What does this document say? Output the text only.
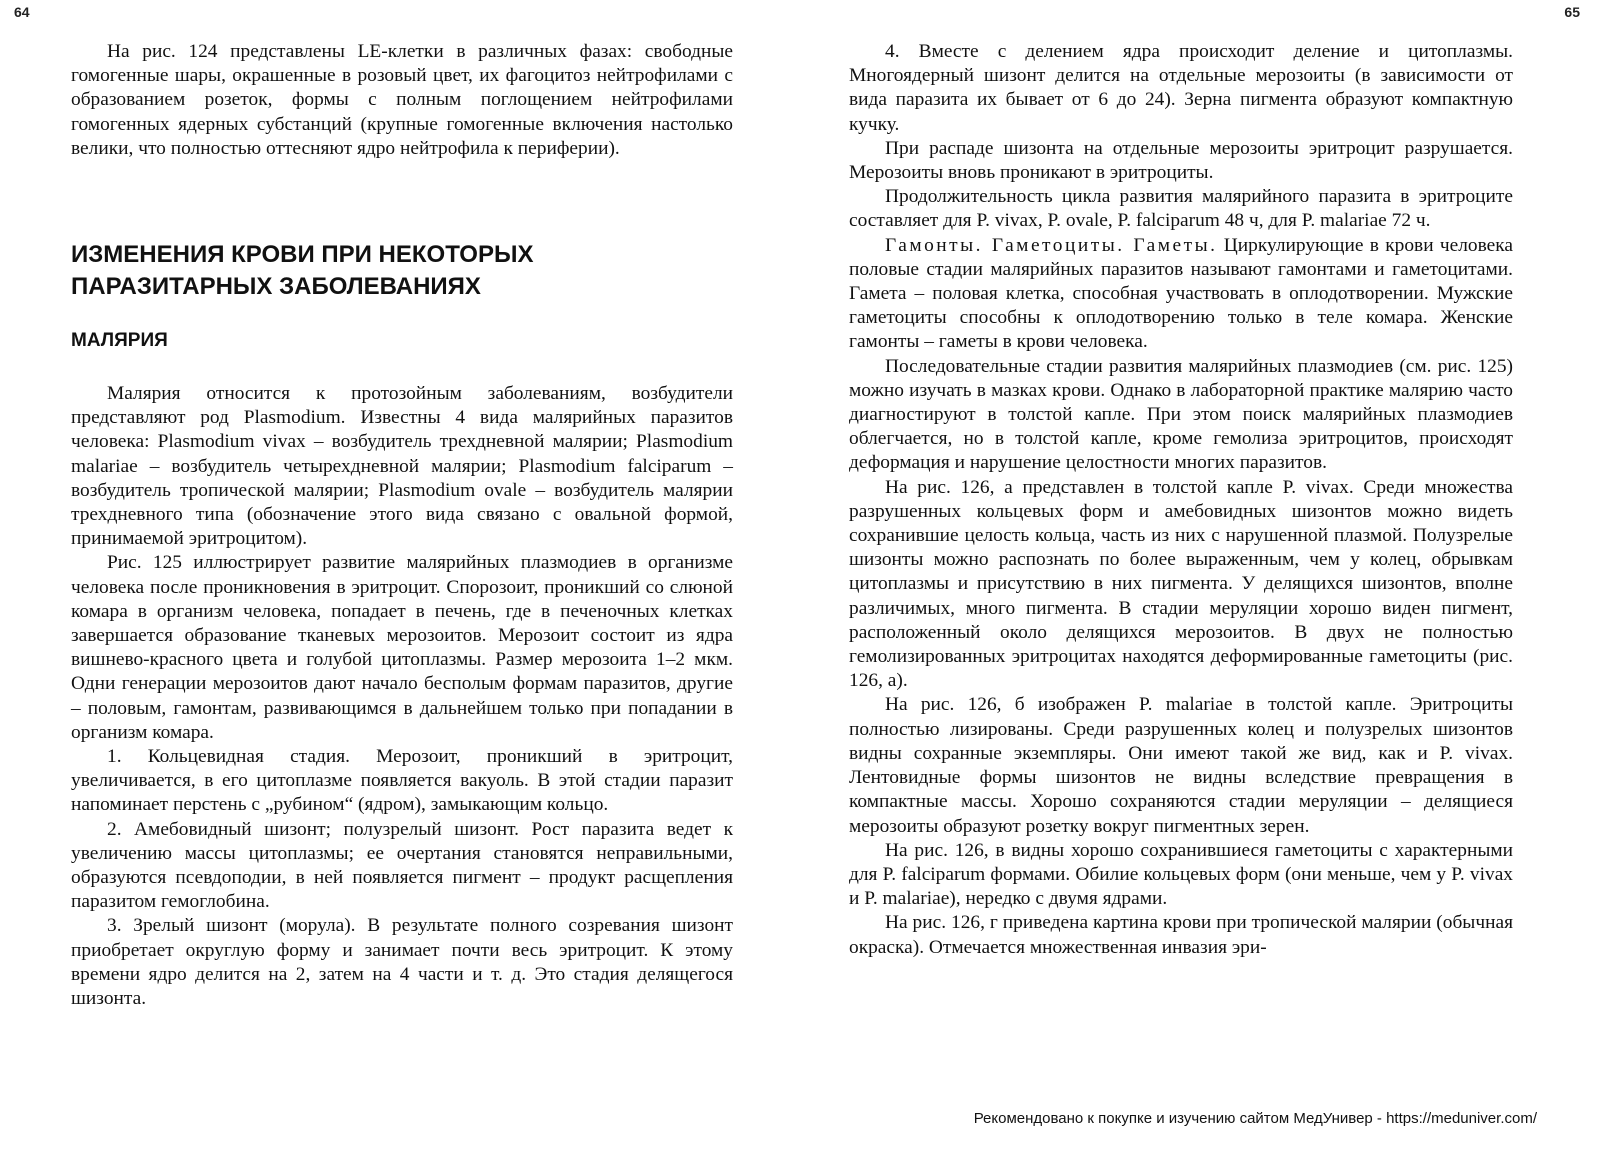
64	65

На рис. 124 представлены LE-клетки в различных фазах: свободные гомогенные шары, окрашенные в розовый цвет, их фагоцитоз нейтрофилами с образованием розеток, формы с полным поглощением нейтрофилами гомогенных ядерных субстанций (крупные гомогенные включения настолько велики, что полностью оттесняют ядро нейтрофила к периферии).

ИЗМЕНЕНИЯ КРОВИ ПРИ НЕКОТОРЫХ
ПАРАЗИТАРНЫХ ЗАБОЛЕВАНИЯХ
МАЛЯРИЯ

Малярия относится к протозойным заболеваниям, возбудители представляют род Plasmodium. Известны 4 вида малярийных паразитов человека: Plasmodium vivax – возбудитель трехдневной малярии; Plasmodium malariae – возбудитель четырехдневной малярии; Plasmodium falciparum – возбудитель тропической малярии; Plasmodium ovale – возбудитель малярии трехдневного типа (обозначение этого вида связано с овальной формой, принимаемой эритроцитом).

Рис. 125 иллюстрирует развитие малярийных плазмодиев в организме человека после проникновения в эритроцит. Спорозоит, проникший со слюной комара в организм человека, попадает в печень, где в печеночных клетках завершается образование тканевых мерозоитов. Мерозоит состоит из ядра вишнево-красного цвета и голубой цитоплазмы. Размер мерозоита 1–2 мкм. Одни генерации мерозоитов дают начало бесполым формам паразитов, другие – половым, гамонтам, развивающимся в дальнейшем только при попадании в организм комара.

1. Кольцевидная стадия. Мерозоит, проникший в эритроцит, увеличивается, в его цитоплазме появляется вакуоль. В этой стадии паразит напоминает перстень с „рубином“ (ядром), замыкающим кольцо.

2. Амебовидный шизонт; полузрелый шизонт. Рост паразита ведет к увеличению массы цитоплазмы; ее очертания становятся неправильными, образуются псевдоподии, в ней появляется пигмент – продукт расщепления паразитом гемоглобина.

3. Зрелый шизонт (морула). В результате полного созревания шизонт приобретает округлую форму и занимает почти весь эритроцит. К этому времени ядро делится на 2, затем на 4 части и т. д. Это стадия делящегося шизонта.

4. Вместе с делением ядра происходит деление и цитоплазмы. Многоядерный шизонт делится на отдельные мерозоиты (в зависимости от вида паразита их бывает от 6 до 24). Зерна пигмента образуют компактную кучку.

При распаде шизонта на отдельные мерозоиты эритроцит разрушается. Мерозоиты вновь проникают в эритроциты.

Продолжительность цикла развития малярийного паразита в эритроците составляет для P. vivax, P. ovale, P. falciparum 48 ч, для P. malariae 72 ч.

Гамонты. Гаметоциты. Гаметы. Циркулирующие в крови человека половые стадии малярийных паразитов называют гамонтами и гаметоцитами. Гамета – половая клетка, способная участвовать в оплодотворении. Мужские гаметоциты способны к оплодотворению только в теле комара. Женские гамонты – гаметы в крови человека.

Последовательные стадии развития малярийных плазмодиев (см. рис. 125) можно изучать в мазках крови. Однако в лабораторной практике малярию часто диагностируют в толстой капле. При этом поиск малярийных плазмодиев облегчается, но в толстой капле, кроме гемолиза эритроцитов, происходят деформация и нарушение целостности многих паразитов.

На рис. 126, а представлен в толстой капле P. vivax. Среди множества разрушенных кольцевых форм и амебовидных шизонтов можно видеть сохранившие целость кольца, часть из них с нарушенной плазмой. Полузрелые шизонты можно распознать по более выраженным, чем у колец, обрывкам цитоплазмы и присутствию в них пигмента. У делящихся шизонтов, вполне различимых, много пигмента. В стадии меруляции хорошо виден пигмент, расположенный около делящихся мерозоитов. В двух не полностью гемолизированных эритроцитах находятся деформированные гаметоциты (рис. 126, а).

На рис. 126, б изображен P. malariae в толстой капле. Эритроциты полностью лизированы. Среди разрушенных колец и полузрелых шизонтов видны сохранные экземпляры. Они имеют такой же вид, как и P. vivax. Лентовидные формы шизонтов не видны вследствие превращения в компактные массы. Хорошо сохраняются стадии меруляции – делящиеся мерозоиты образуют розетку вокруг пигментных зерен.

На рис. 126, в видны хорошо сохранившиеся гаметоциты с характерными для P. falciparum формами. Обилие кольцевых форм (они меньше, чем у P. vivax и P. malariae), нередко с двумя ядрами.

На рис. 126, г приведена картина крови при тропической малярии (обычная окраска). Отмечается множественная инвазия эри-

Рекомендовано к покупке и изучению сайтом МедУнивер - https://meduniver.com/
